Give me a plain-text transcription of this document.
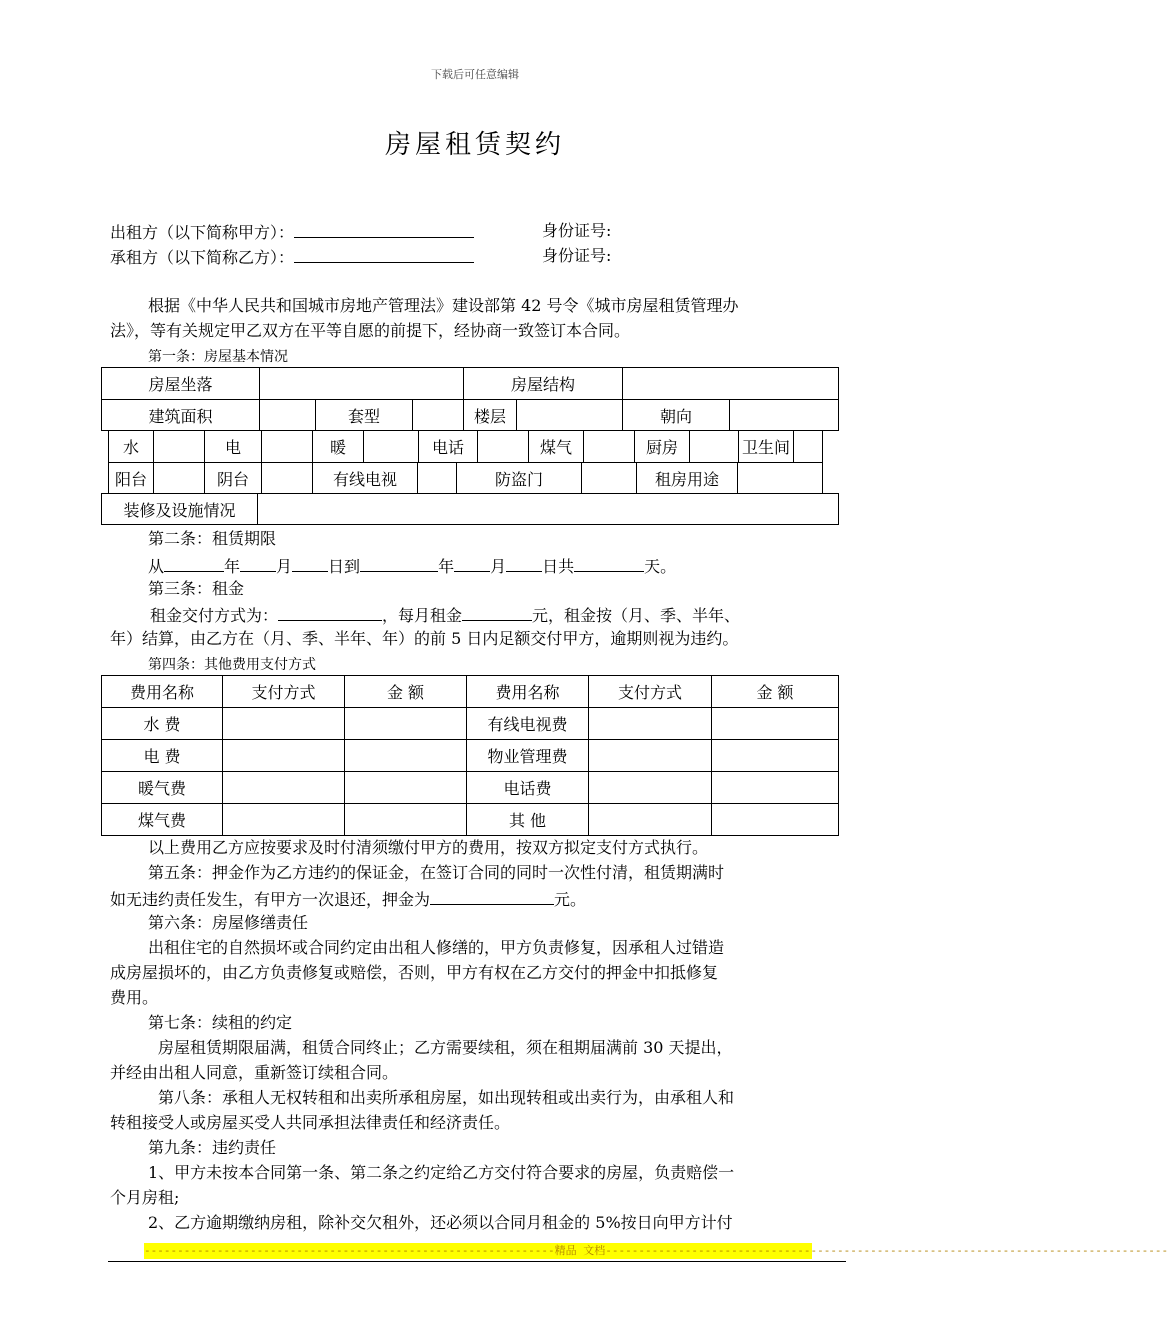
下载后可任意编辑
房屋租赁契约
出租方（以下简称甲方）：	身份证号:
承租方（以下简称乙方）：	身份证号:
根据《中华人民共和国城市房地产管理法》建设部第 42 号令《城市房屋租赁管理办
法》，等有关规定甲乙双方在平等自愿的前提下，经协商一致签订本合同。
第一条：房屋基本情况
房屋坐落		房屋结构			
建筑面积	套型	楼层		朝向	
水		电		暖		电话		煤气		厨房		卫生间	
阳台		阴台		有线电视		防盗门		租房用途	
装修及设施情况	
第二条：租赁期限
从	年 月 日到	年 月 日共	天。
第三条：租金
租金交付方式为：	，每月租金	元，租金按（月、季、半年、
年）结算，由乙方在（月、季、半年、年）的前 5 日内足额交付甲方，逾期则视为违约。
第四条：其他费用支付方式
费用名称	支付方式	金 额	费用名称	支付方式	金 额
水 费			有线电视费		
电 费			物业管理费		
暖气费			电话费		
煤气费			其 他		
以上费用乙方应按要求及时付清须缴付甲方的费用，按双方拟定支付方式执行。
第五条：押金作为乙方违约的保证金，在签订合同的同时一次性付清，租赁期满时
如无违约责任发生，有甲方一次退还，押金为	元。
第六条：房屋修缮责任
出租住宅的自然损坏或合同约定由出租人修缮的，甲方负责修复，因承租人过错造
成房屋损坏的，由乙方负责修复或赔偿，否则，甲方有权在乙方交付的押金中扣抵修复
费用。
第七条：续租的约定
房屋租赁期限届满，租赁合同终止；乙方需要续租，须在租期届满前 30 天提出，
并经由出租人同意，重新签订续租合同。
第八条：承租人无权转租和出卖所承租房屋，如出现转租或出卖行为，由承租人和
转租接受人或房屋买受人共同承担法律责任和经济责任。
第九条：违约责任
1、甲方未按本合同第一条、第二条之约定给乙方交付符合要求的房屋，负责赔偿一
个月房租;
2、乙方逾期缴纳房租，除补交欠租外，还必须以合同月租金的 5%按日向甲方计付
--------------------------------------------------------------精品 文档-------------------------------------------------------------------------------------
